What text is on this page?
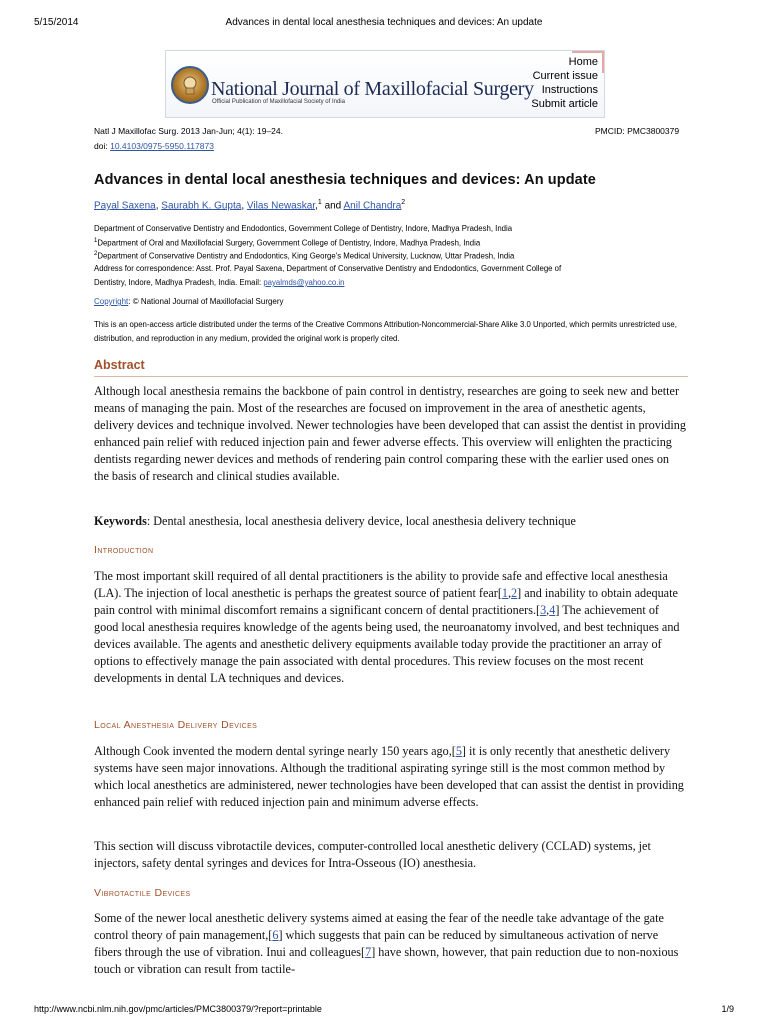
5/15/2014	Advances in dental local anesthesia techniques and devices: An update
National Journal of Maxillofacial Surgery
Official Publication of Maxillofacial Society of India
Home
Current issue
Instructions
Submit article
Natl J Maxillofac Surg. 2013 Jan-Jun; 4(1): 19–24.
doi: 10.4103/0975-5950.117873
PMCID: PMC3800379
Advances in dental local anesthesia techniques and devices: An update
Payal Saxena, Saurabh K. Gupta, Vilas Newaskar,$^1$ and Anil Chandra$^2$
Department of Conservative Dentistry and Endodontics, Government College of Dentistry, Indore, Madhya Pradesh, India
$^1$Department of Oral and Maxillofacial Surgery, Government College of Dentistry, Indore, Madhya Pradesh, India
$^2$Department of Conservative Dentistry and Endodontics, King George's Medical University, Lucknow, Uttar Pradesh, India
Address for correspondence: Asst. Prof. Payal Saxena, Department of Conservative Dentistry and Endodontics, Government College of
Dentistry, Indore, Madhya Pradesh, India. Email: payalmds@yahoo.co.in
Copyright: © National Journal of Maxillofacial Surgery
This is an open-access article distributed under the terms of the Creative Commons Attribution-Noncommercial-Share Alike 3.0 Unported, which permits unrestricted use, distribution, and reproduction in any medium, provided the original work is properly cited.
Abstract

Although local anesthesia remains the backbone of pain control in dentistry, researches are going to seek new and better means of managing the pain. Most of the researches are focused on improvement in the area of anesthetic agents, delivery devices and technique involved. Newer technologies have been developed that can assist the dentist in providing enhanced pain relief with reduced injection pain and fewer adverse effects. This overview will enlighten the practicing dentists regarding newer devices and methods of rendering pain control comparing these with the earlier used ones on the basis of research and clinical studies available.

Keywords: Dental anesthesia, local anesthesia delivery device, local anesthesia delivery technique

Introduction

The most important skill required of all dental practitioners is the ability to provide safe and effective local anesthesia (LA). The injection of local anesthetic is perhaps the greatest source of patient fear[1,2] and inability to obtain adequate pain control with minimal discomfort remains a significant concern of dental practitioners.[3,4] The achievement of good local anesthesia requires knowledge of the agents being used, the neuroanatomy involved, and best techniques and devices available. The agents and anesthetic delivery equipments available today provide the practitioner an array of options to effectively manage the pain associated with dental procedures. This review focuses on the most recent developments in dental LA techniques and devices.

Local Anesthesia Delivery Devices

Although Cook invented the modern dental syringe nearly 150 years ago,[5] it is only recently that anesthetic delivery systems have seen major innovations. Although the traditional aspirating syringe still is the most common method by which local anesthetics are administered, newer technologies have been developed that can assist the dentist in providing enhanced pain relief with reduced injection pain and minimum adverse effects.

This section will discuss vibrotactile devices, computer-controlled local anesthetic delivery (CCLAD) systems, jet injectors, safety dental syringes and devices for Intra-Osseous (IO) anesthesia.

Vibrotactile Devices

Some of the newer local anesthetic delivery systems aimed at easing the fear of the needle take advantage of the gate control theory of pain management,[6] which suggests that pain can be reduced by simultaneous activation of nerve fibers through the use of vibration. Inui and colleagues[7] have shown, however, that pain reduction due to non-noxious touch or vibration can result from tactile-

http://www.ncbi.nlm.nih.gov/pmc/articles/PMC3800379/?report=printable	1/9
